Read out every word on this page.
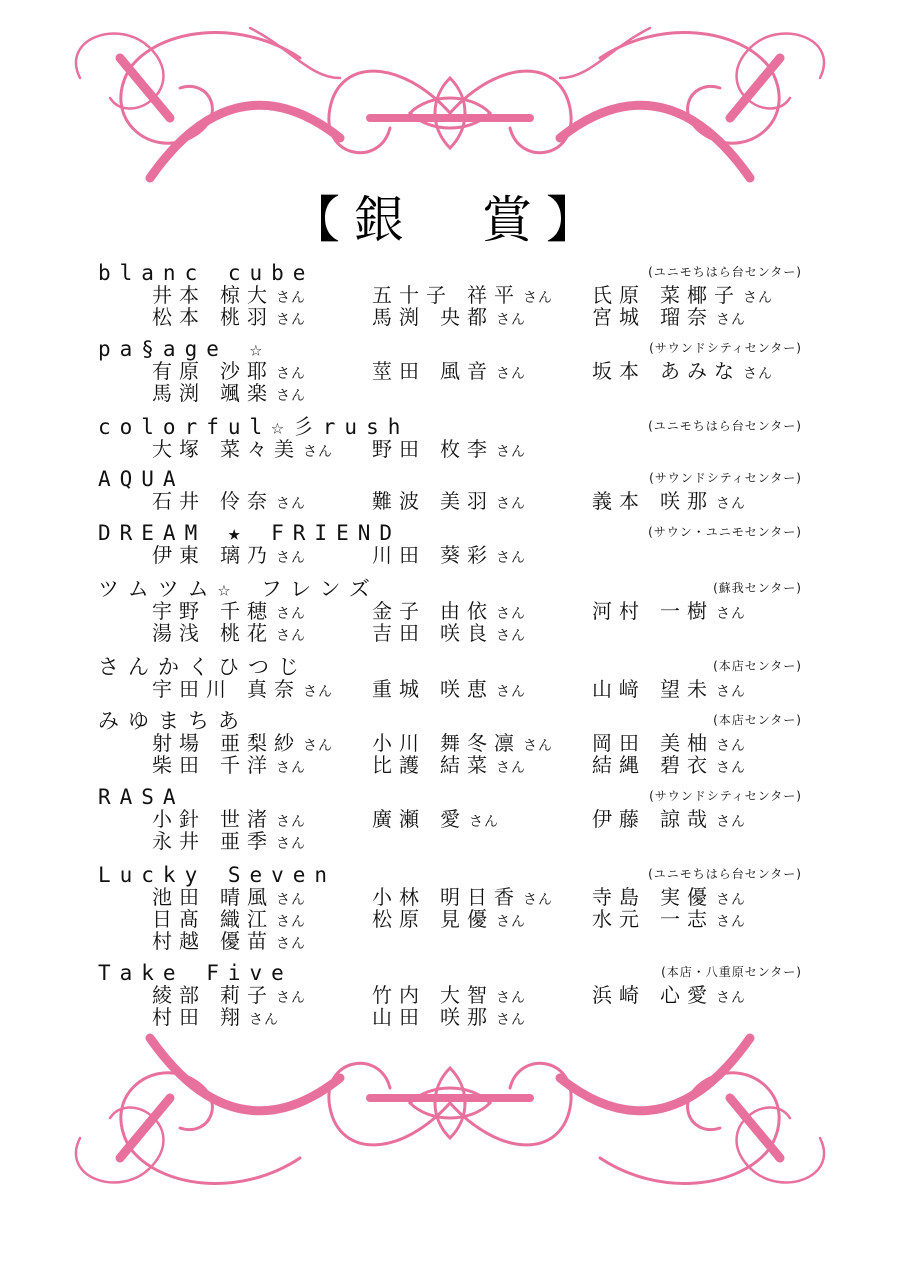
【銀　賞】
blanc cube	(ユニモちはら台センター)
井本 椋大 さん	五十子 祥平 さん 氏原 菜椰子 さん
松本 桃羽 さん	馬渕 央都 さん	宮城 瑠奈 さん
pa§age ☆	(サウンドシティセンター)
有原 沙耶 さん	莖田 風音 さん	坂本 あみな さん
馬渕 颯楽 さん
colorful☆彡rush	(ユニモちはら台センター)
大塚 菜々美 さん 野田 枚李 さん
AQUA	(サウンドシティセンター)
石井 伶奈 さん	難波 美羽 さん	義本 咲那 さん
DREAM ★ FRIEND	(サウン・ユニモセンター)
伊東 璃乃 さん	川田 葵彩 さん
ツムツム☆ フレンズ	(蘇我センター)
宇野 千穂 さん	金子 由依 さん	河村 一樹 さん
湯浅 桃花 さん	吉田 咲良 さん
さんかくひつじ	(本店センター)
宇田川 真奈 さん 重城 咲恵 さん	山﨑 望未 さん
みゆまちあ	(本店センター)
射場 亜梨紗 さん 小川 舞冬凛 さん 岡田 美柚 さん
柴田 千洋 さん	比護 結菜 さん	結縄 碧衣 さん
RASA	(サウンドシティセンター)
小針 世渚 さん	廣瀬 愛 さん	伊藤 諒哉 さん
永井 亜季 さん
Lucky Seven	(ユニモちはら台センター)
池田 晴風 さん	小林 明日香 さん 寺島 実優 さん
日髙 織江 さん	松原 見優 さん	水元 一志 さん
村越 優苗 さん
Take Five	(本店・八重原センター)
綾部 莉子 さん	竹内 大智 さん	浜崎 心愛 さん
村田 翔 さん	山田 咲那 さん
